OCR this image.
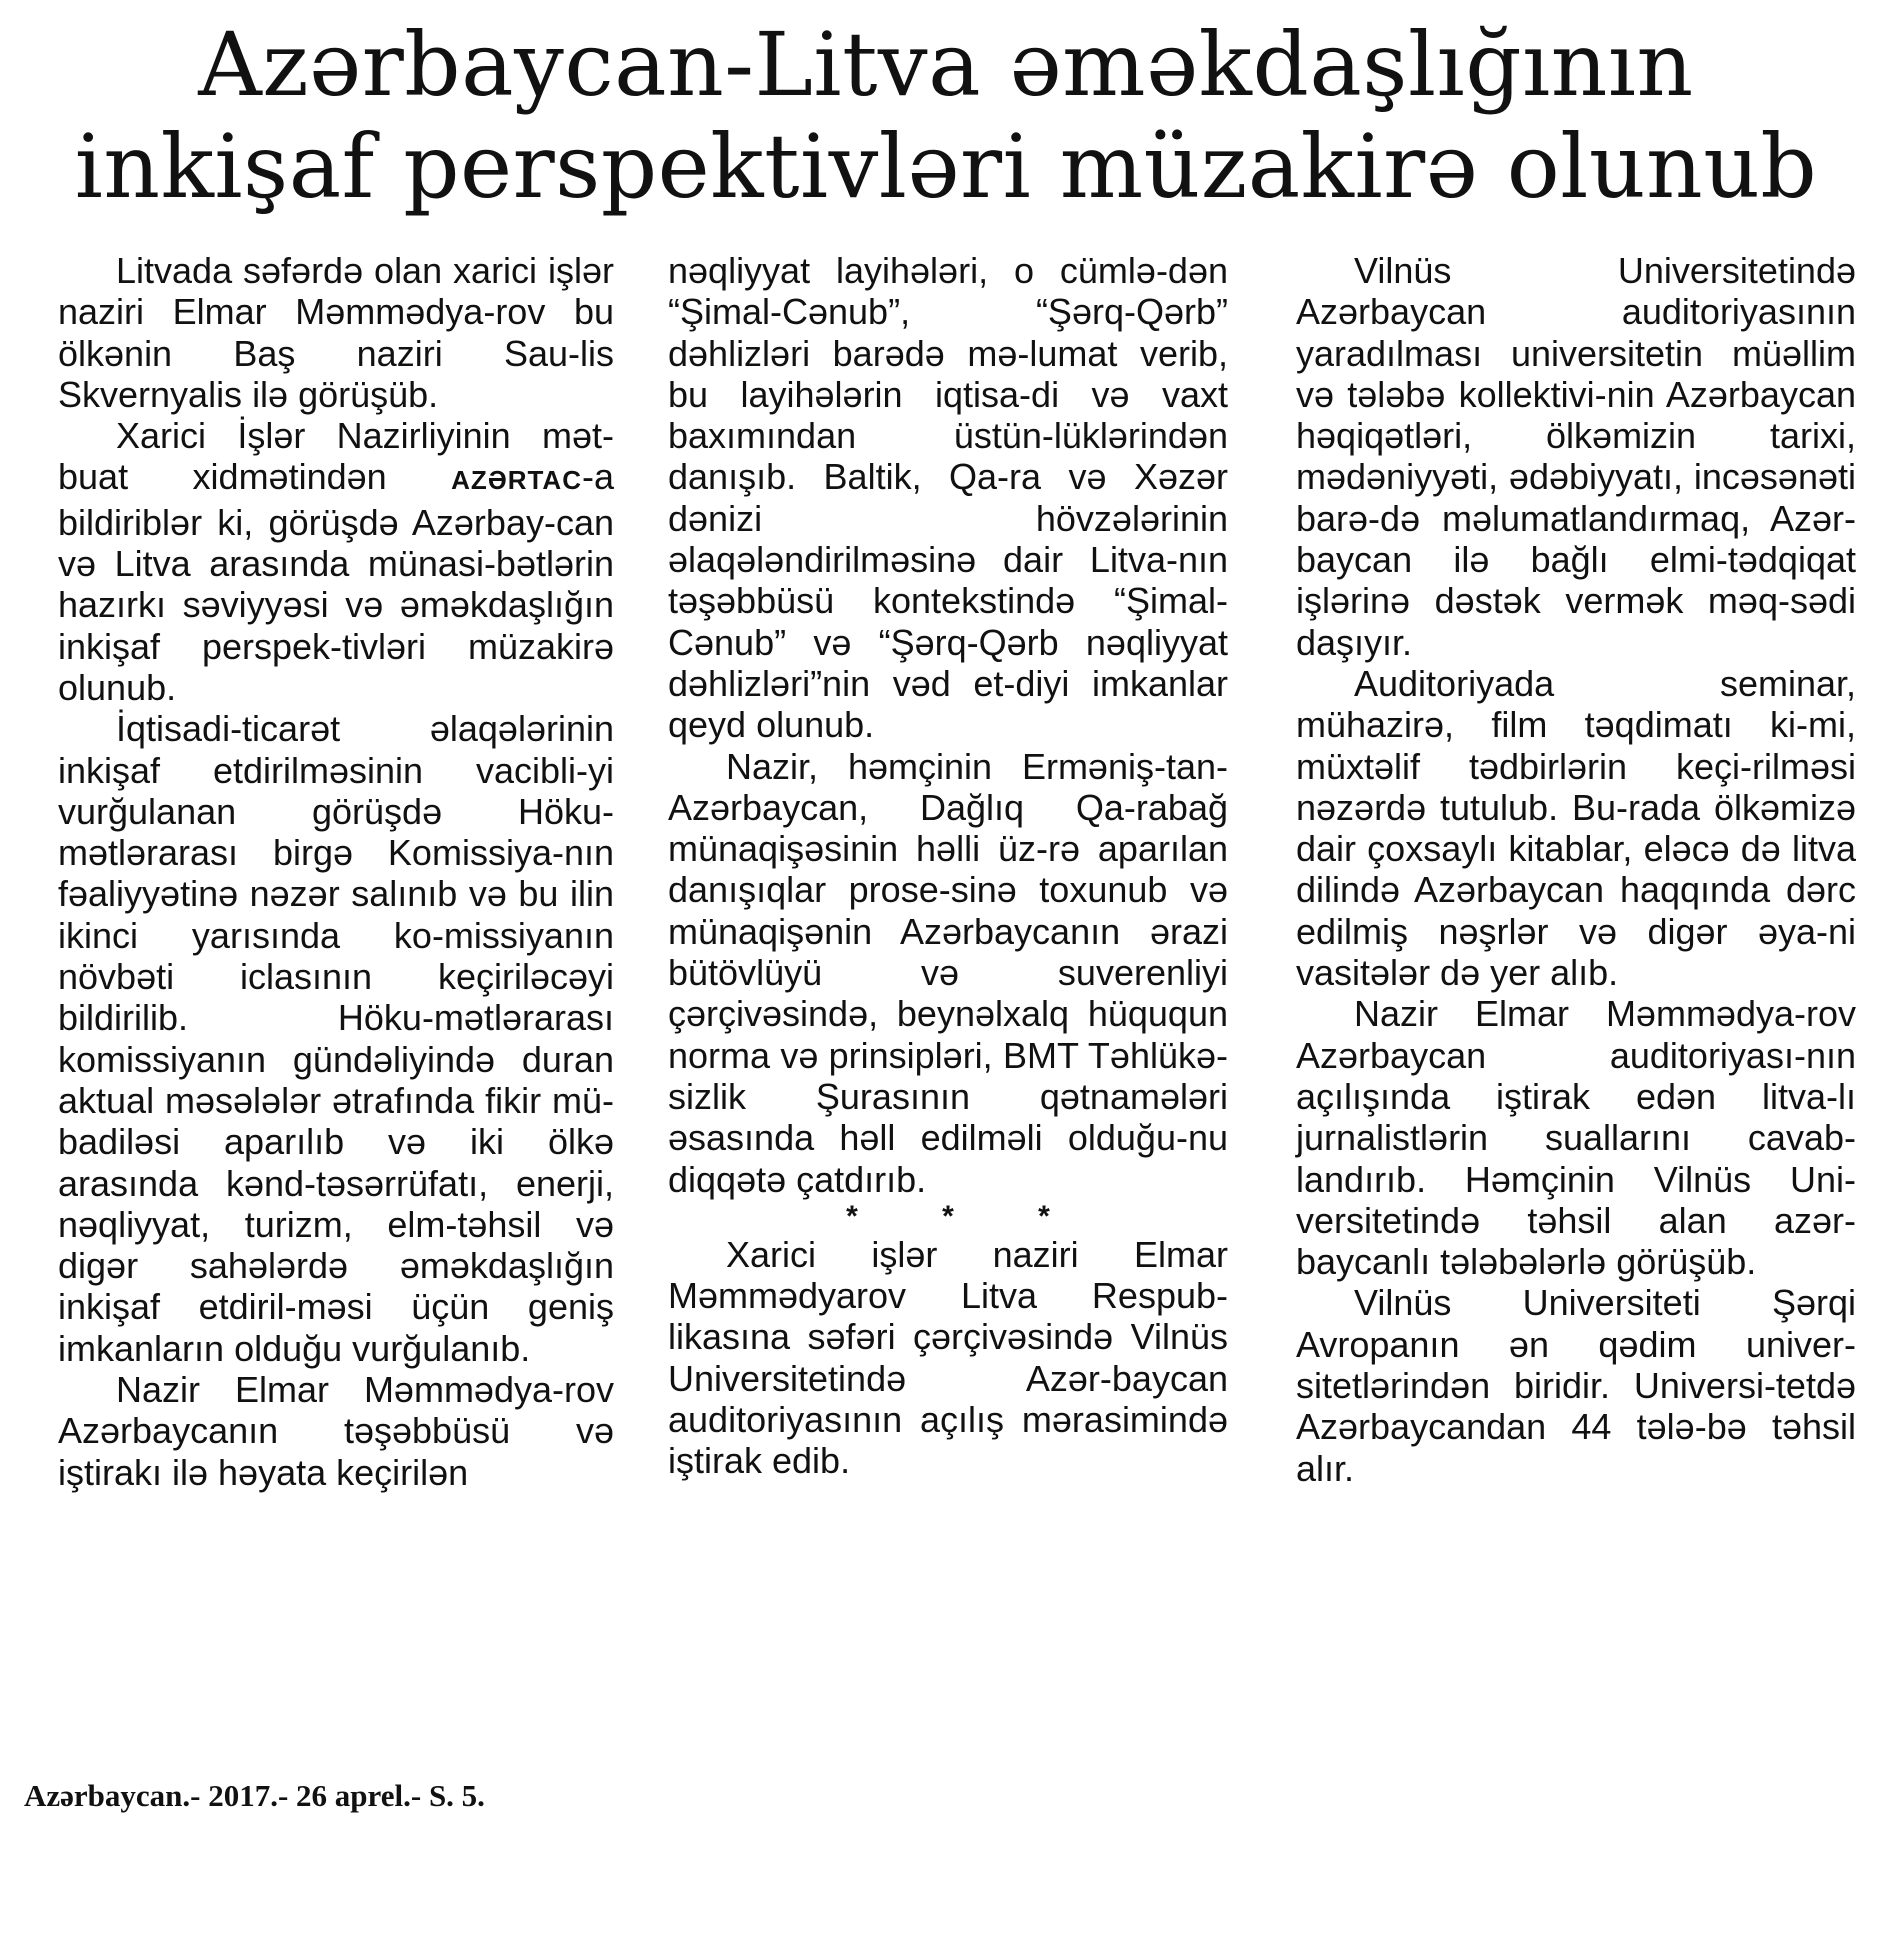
Azərbaycan-Litva əməkdaşlığının
inkişaf perspektivləri müzakirə olunub

Litvada səfərdə olan xarici işlər naziri Elmar Məmmədya-rov bu ölkənin Baş naziri Sau-lis Skvernyalis ilə görüşüb.

Xarici İşlər Nazirliyinin mət-buat xidmətindən AZƏRTAC-a bildiriblər ki, görüşdə Azərbay-can və Litva arasında münasi-bətlərin hazırkı səviyyəsi və əməkdaşlığın inkişaf perspek-tivləri müzakirə olunub.

İqtisadi-ticarət əlaqələrinin inkişaf etdirilməsinin vacibli-yi vurğulanan görüşdə Höku-mətlərarası birgə Komissiya-nın fəaliyyətinə nəzər salınıb və bu ilin ikinci yarısında ko-missiyanın növbəti iclasının keçiriləcəyi bildirilib. Höku-mətlərarası komissiyanın gündəliyində duran aktual məsələlər ətrafında fikir mü-badiləsi aparılıb və iki ölkə arasında kənd-təsərrüfatı, enerji, nəqliyyat, turizm, elm-təhsil və digər sahələrdə əməkdaşlığın inkişaf etdiril-məsi üçün geniş imkanların olduğu vurğulanıb.

Nazir Elmar Məmmədya-rov Azərbaycanın təşəbbüsü və iştirakı ilə həyata keçirilən

nəqliyyat layihələri, o cümlə-dən “Şimal-Cənub”, “Şərq-Qərb” dəhlizləri barədə mə-lumat verib, bu layihələrin iqtisa-di və vaxt baxımından üstün-lüklərindən danışıb. Baltik, Qa-ra və Xəzər dənizi hövzələrinin əlaqələndirilməsinə dair Litva-nın təşəbbüsü kontekstində “Şimal-Cənub” və “Şərq-Qərb nəqliyyat dəhlizləri”nin vəd et-diyi imkanlar qeyd olunub.

Nazir, həmçinin Erməniş-tan-Azərbaycan, Dağlıq Qa-rabağ münaqişəsinin həlli üz-rə aparılan danışıqlar prose-sinə toxunub və münaqişənin Azərbaycanın ərazi bütövlüyü və suverenliyi çərçivəsində, beynəlxalq hüququn norma və prinsipləri, BMT Təhlükə-sizlik Şurasının qətnamələri əsasında həll edilməli olduğu-nu diqqətə çatdırıb.

* * *

Xarici işlər naziri Elmar Məmmədyarov Litva Respub-likasına səfəri çərçivəsində Vilnüs Universitetində Azər-baycan auditoriyasının açılış mərasimində iştirak edib.

Vilnüs Universitetində Azərbaycan auditoriyasının yaradılması universitetin müəllim və tələbə kollektivi-nin Azərbaycan həqiqətləri, ölkəmizin tarixi, mədəniyyəti, ədəbiyyatı, incəsənəti barə-də məlumatlandırmaq, Azər-baycan ilə bağlı elmi-tədqiqat işlərinə dəstək vermək məq-sədi daşıyır.

Auditoriyada seminar, mühazirə, film təqdimatı ki-mi, müxtəlif tədbirlərin keçi-rilməsi nəzərdə tutulub. Bu-rada ölkəmizə dair çoxsaylı kitablar, eləcə də litva dilində Azərbaycan haqqında dərc edilmiş nəşrlər və digər əya-ni vasitələr də yer alıb.

Nazir Elmar Məmmədya-rov Azərbaycan auditoriyası-nın açılışında iştirak edən litva-lı jurnalistlərin suallarını cavab-landırıb. Həmçinin Vilnüs Uni-versitetində təhsil alan azər-baycanlı tələbələrlə görüşüb.

Vilnüs Universiteti Şərqi Avropanın ən qədim univer-sitetlərindən biridir. Universi-tetdə Azərbaycandan 44 tələ-bə təhsil alır.

Azərbaycan.- 2017.- 26 aprel.- S. 5.
